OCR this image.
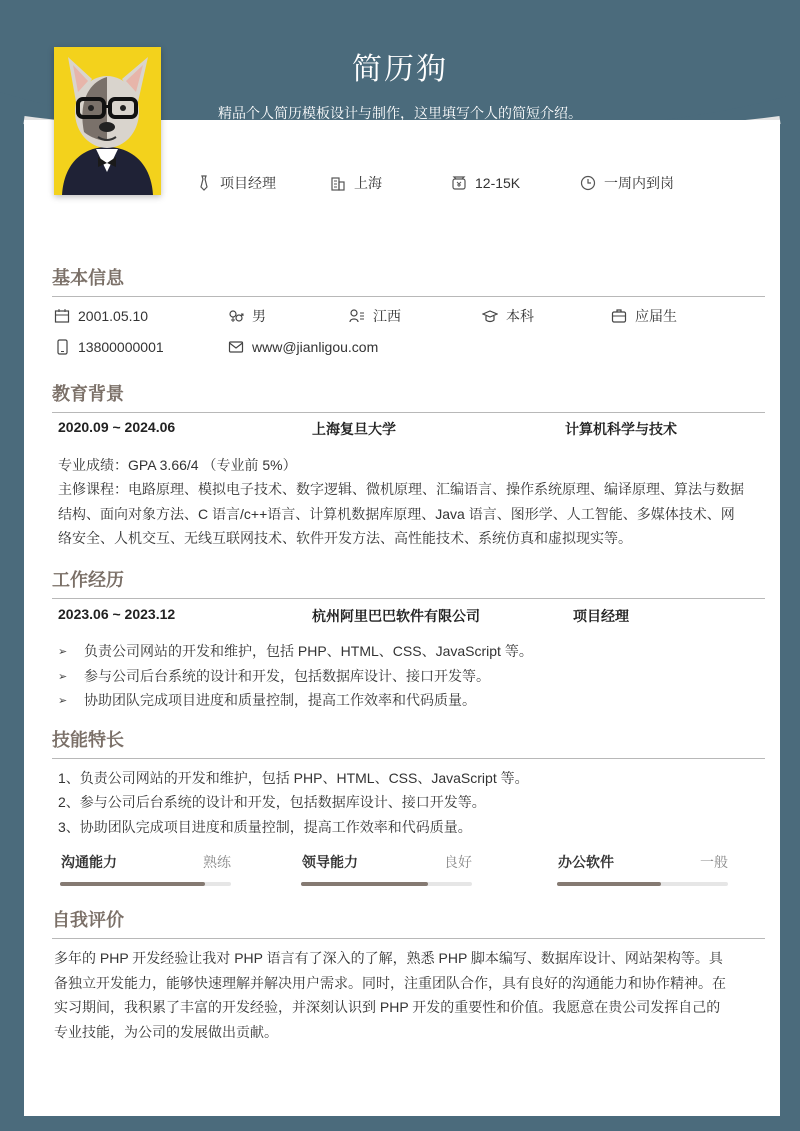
简历狗
精品个人简历模板设计与制作，这里填写个人的简短介绍。
项目经理	上海	12-15K	一周内到岗
基本信息
2001.05.10	男	江西	本科	应届生
13800000001	www@jianligou.com
教育背景
2020.09 ~ 2024.06	上海复旦大学	计算机科学与技术
专业成绩：GPA 3.66/4 （专业前 5%）
主修课程：电路原理、模拟电子技术、数字逻辑、微机原理、汇编语言、操作系统原理、编译原理、算法与数据结构、面向对象方法、C 语言/c++语言、计算机数据库原理、Java 语言、图形学、人工智能、多媒体技术、网络安全、人机交互、无线互联网技术、软件开发方法、高性能技术、系统仿真和虚拟现实等。
工作经历
2023.06 ~ 2023.12	杭州阿里巴巴软件有限公司	项目经理
➢	负责公司网站的开发和维护，包括 PHP、HTML、CSS、JavaScript 等。
➢	参与公司后台系统的设计和开发，包括数据库设计、接口开发等。
➢	协助团队完成项目进度和质量控制，提高工作效率和代码质量。
技能特长
1、负责公司网站的开发和维护，包括 PHP、HTML、CSS、JavaScript 等。
2、参与公司后台系统的设计和开发，包括数据库设计、接口开发等。
3、协助团队完成项目进度和质量控制，提高工作效率和代码质量。
沟通能力	熟练	领导能力	良好	办公软件	一般
自我评价
多年的 PHP 开发经验让我对 PHP 语言有了深入的了解，熟悉 PHP 脚本编写、数据库设计、网站架构等。具备独立开发能力，能够快速理解并解决用户需求。同时，注重团队合作，具有良好的沟通能力和协作精神。在实习期间，我积累了丰富的开发经验，并深刻认识到 PHP 开发的重要性和价值。我愿意在贵公司发挥自己的专业技能，为公司的发展做出贡献。
